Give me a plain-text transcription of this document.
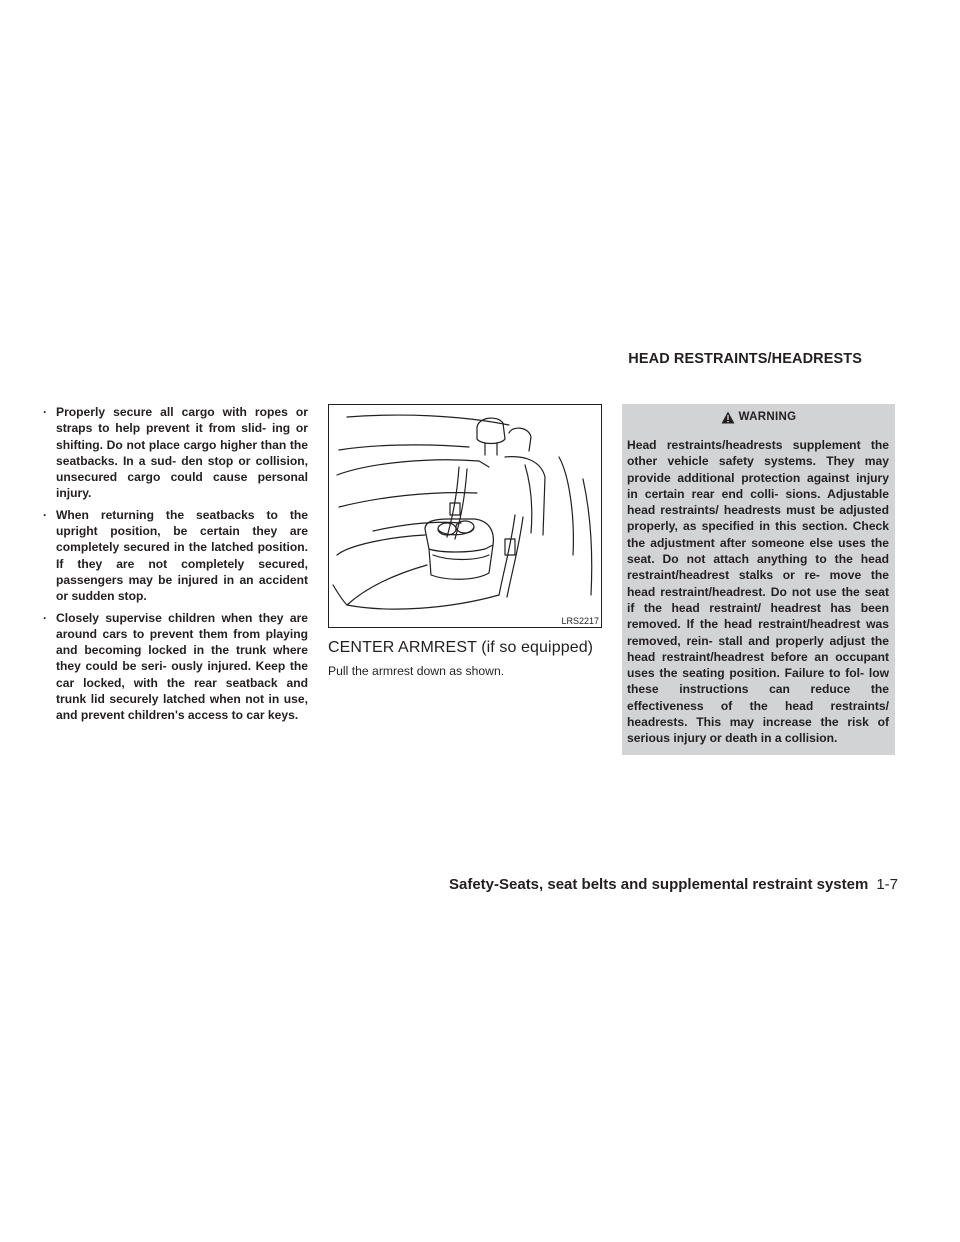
HEAD RESTRAINTS/HEADRESTS
· Properly secure all cargo with ropes or straps to help prevent it from slid- ing or shifting. Do not place cargo higher than the seatbacks. In a sud- den stop or collision, unsecured cargo could cause personal injury.
· When returning the seatbacks to the upright position, be certain they are completely secured in the latched position. If they are not completely secured, passengers may be injured in an accident or sudden stop.
· Closely supervise children when they are around cars to prevent them from playing and becoming locked in the trunk where they could be seri- ously injured. Keep the car locked, with the rear seatback and trunk lid securely latched when not in use, and prevent children's access to car keys.
LRS2217
CENTER ARMREST (if so equipped)

Pull the armrest down as shown.

WARNING

Head restraints/headrests supplement the other vehicle safety systems. They may provide additional protection against injury in certain rear end colli- sions. Adjustable head restraints/ headrests must be adjusted properly, as specified in this section. Check the adjustment after someone else uses the seat. Do not attach anything to the head restraint/headrest stalks or re- move the head restraint/headrest. Do not use the seat if the head restraint/ headrest has been removed. If the head restraint/headrest was removed, rein- stall and properly adjust the head restraint/headrest before an occupant uses the seating position. Failure to fol- low these instructions can reduce the effectiveness of the head restraints/ headrests. This may increase the risk of serious injury or death in a collision.

Safety-Seats, seat belts and supplemental restraint system 1-7
